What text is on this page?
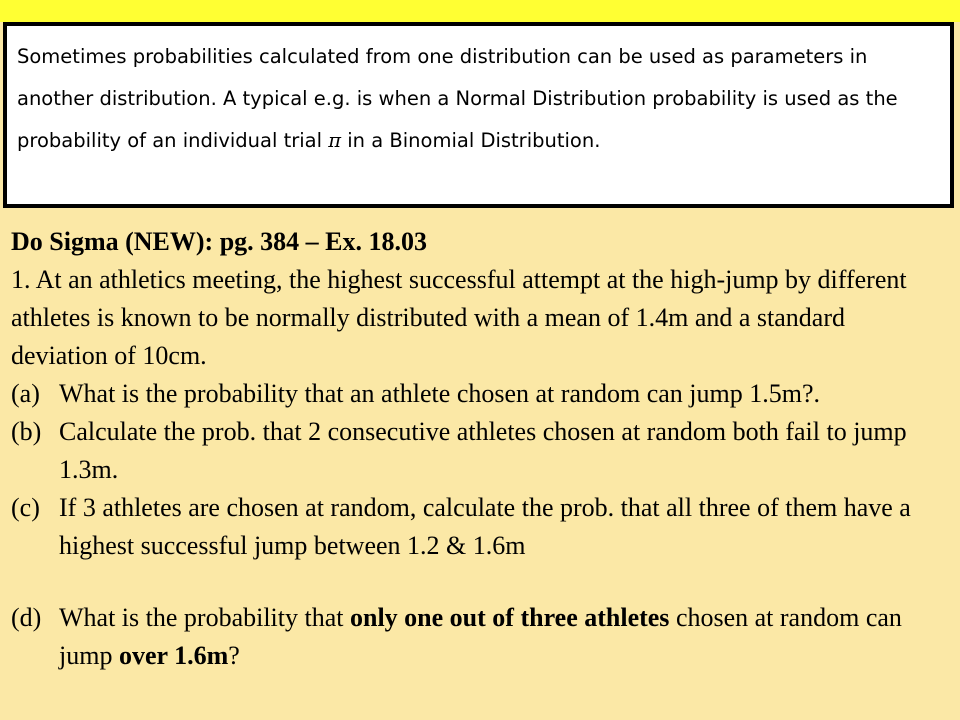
Sometimes probabilities calculated from one distribution can be used as parameters in another distribution. A typical e.g. is when a Normal Distribution probability is used as the probability of an individual trial π in a Binomial Distribution.

Do Sigma (NEW): pg. 384 – Ex. 18.03

1. At an athletics meeting, the highest successful attempt at the high-jump by different athletes is known to be normally distributed with a mean of 1.4m and a standard deviation of 10cm.

(a) What is the probability that an athlete chosen at random can jump 1.5m?.
(b) Calculate the prob. that 2 consecutive athletes chosen at random both fail to jump 1.3m.
(c) If 3 athletes are chosen at random, calculate the prob. that all three of them have a highest successful jump between 1.2 & 1.6m
(d) What is the probability that only one out of three athletes chosen at random can jump over 1.6m?
